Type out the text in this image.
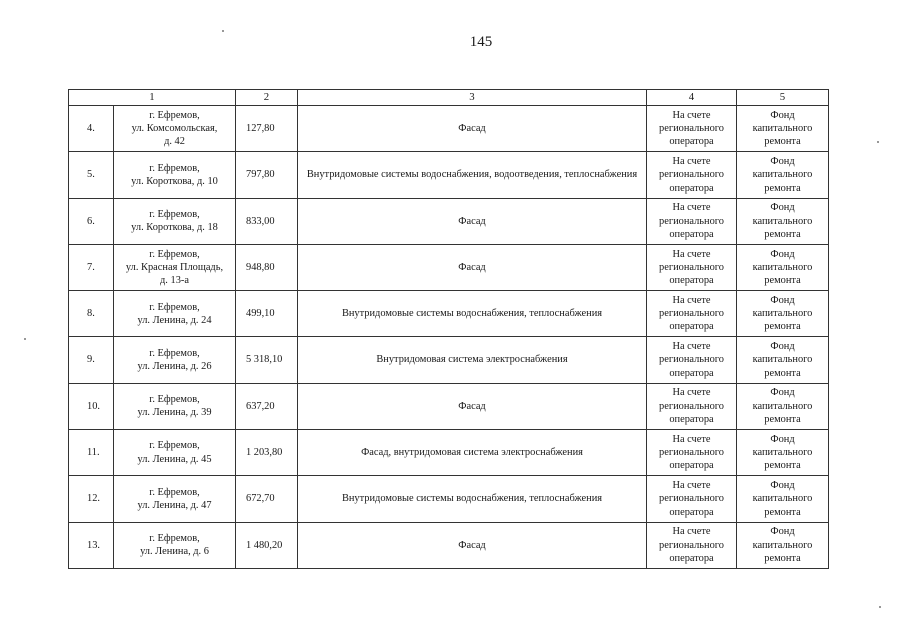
145

1		2	3	4	5
4.	г. Ефремов,
ул. Комсомольская,
д. 42	127,80	Фасад	На счете
регионального
оператора	Фонд
капитального
ремонта

5.	г. Ефремов,
ул. Короткова, д. 10	797,80	Внутридомовые системы водоснабжения, водоотведения, теплоснабжения	На счете
регионального
оператора	Фонд
капитального
ремонта

6.	г. Ефремов,
ул. Короткова, д. 18	833,00	Фасад	На счете
регионального
оператора	Фонд
капитального
ремонта

7.	г. Ефремов,
ул. Красная Площадь,
д. 13-а	948,80	Фасад	На счете
регионального
оператора	Фонд
капитального
ремонта

8.	г. Ефремов,
ул. Ленина, д. 24	499,10	Внутридомовые системы водоснабжения, теплоснабжения	На счете
регионального
оператора	Фонд
капитального
ремонта

9.	г. Ефремов,
ул. Ленина, д. 26	5 318,10	Внутридомовая система электроснабжения	На счете
регионального
оператора	Фонд
капитального
ремонта

10.	г. Ефремов,
ул. Ленина, д. 39	637,20	Фасад	На счете
регионального
оператора	Фонд
капитального
ремонта

11.	г. Ефремов,
ул. Ленина, д. 45	1 203,80	Фасад, внутридомовая система электроснабжения	На счете
регионального
оператора	Фонд
капитального
ремонта

12.	г. Ефремов,
ул. Ленина, д. 47	672,70	Внутридомовые системы водоснабжения, теплоснабжения	На счете
регионального
оператора	Фонд
капитального
ремонта

13.	г. Ефремов,
ул. Ленина, д. 6	1 480,20	Фасад	На счете
регионального
оператора	Фонд
капитального
ремонта
